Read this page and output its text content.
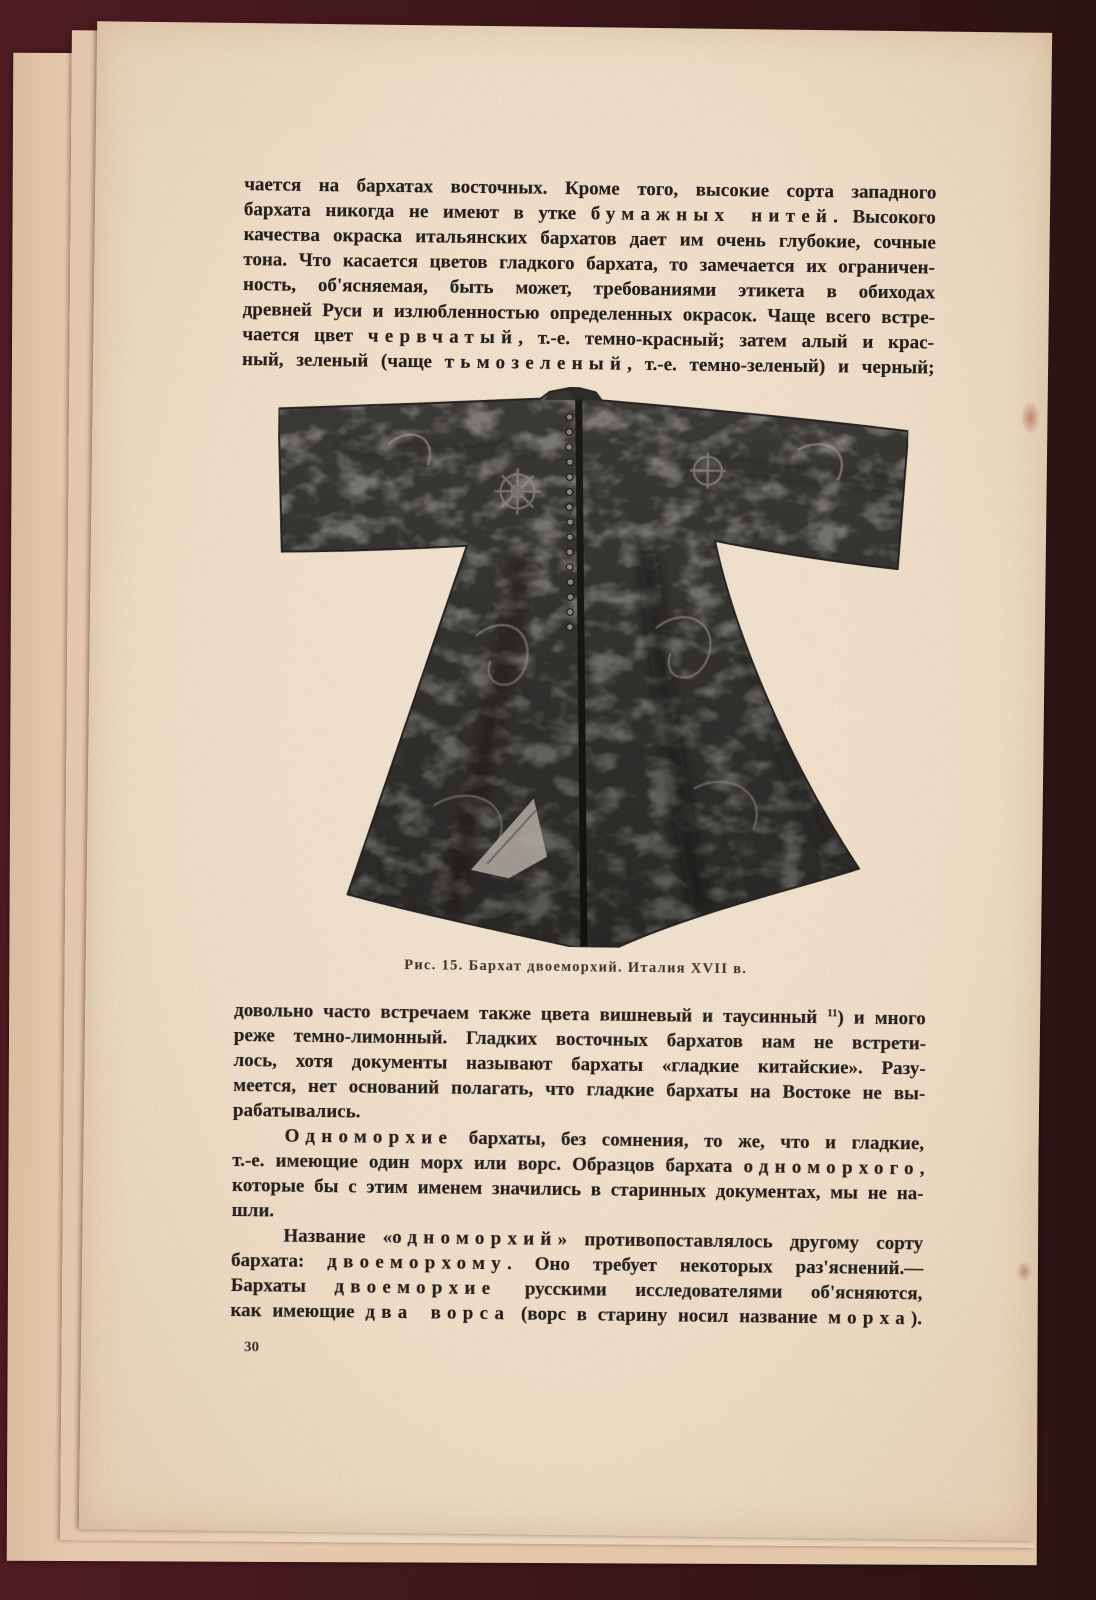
чается на бархатах восточных. Кроме того, высокие сорта западного
бархата никогда не имеют в утке бумажных нитей. Высокого
качества окраска итальянских бархатов дает им очень глубокие, сочные
тона. Что касается цветов гладкого бархата, то замечается их ограничен-
ность, об'ясняемая, быть может, требованиями этикета в обиходах
древней Руси и излюбленностью определенных окрасок. Чаще всего встре-
чается цвет червчатый, т.-е. темно-красный; затем алый и крас-
ный, зеленый (чаще тьмозеленый, т.-е. темно-зеленый) и черный;
Рис. 15. Бархат двоеморхий. Италия XVII в.
довольно часто встречаем также цвета вишневый и таусинный $^{11}$) и много
реже темно-лимонный. Гладких восточных бархатов нам не встрети-
лось, хотя документы называют бархаты «гладкие китайские». Разу-
меется, нет оснований полагать, что гладкие бархаты на Востоке не вы-
рабатывались.
Одноморхие бархаты, без сомнения, то же, что и гладкие,
т.-е. имеющие один морх или ворс. Образцов бархата одноморхого,
которые бы с этим именем значились в старинных документах, мы не на-
шли.
Название «одноморхий» противопоставлялось другому сорту
бархата: двоеморхому. Оно требует некоторых раз'яснений.—
Бархаты двоеморхие русскими исследователями об'ясняются,
как имеющие два ворса (ворс в старину носил название морха).
30
